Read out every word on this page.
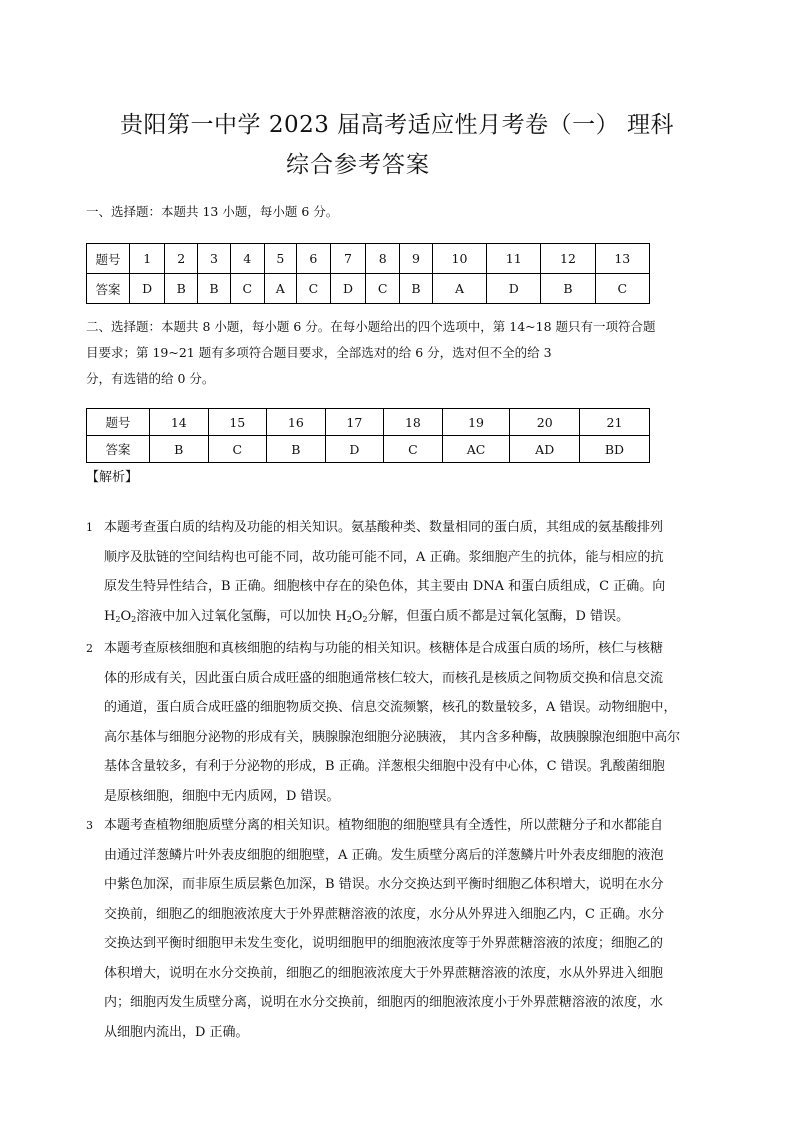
贵阳第一中学 2023 届高考适应性月考卷（一） 理科
综合参考答案
一、选择题：本题共 13 小题，每小题 6 分。
题号	1	2	3	4	5	6	7	8	9	10	11	12	13
答案	D	B	B	C	A	C	D	C	B	A	D	B	C
二、选择题：本题共 8 小题，每小题 6 分。在每小题给出的四个选项中，第 14~18 题只有一项符合题
目要求；第 19~21 题有多项符合题目要求，全部选对的给 6 分，选对但不全的给 3
分，有选错的给 0 分。
题号	14	15	16	17	18	19	20	21
答案	B	C	B	D	C	AC	AD	BD
【解析】
1 本题考查蛋白质的结构及功能的相关知识。氨基酸种类、数量相同的蛋白质，其组成的氨基酸排列
顺序及肽链的空间结构也可能不同，故功能可能不同，A 正确。浆细胞产生的抗体，能与相应的抗
原发生特异性结合，B 正确。细胞核中存在的染色体，其主要由 DNA 和蛋白质组成，C 正确。向
$H_2O_2$溶液中加入过氧化氢酶，可以加快 $H_2O_2$分解，但蛋白质不都是过氧化氢酶，D 错误。
2 本题考查原核细胞和真核细胞的结构与功能的相关知识。核糖体是合成蛋白质的场所，核仁与核糖
体的形成有关，因此蛋白质合成旺盛的细胞通常核仁较大，而核孔是核质之间物质交换和信息交流
的通道，蛋白质合成旺盛的细胞物质交换、信息交流频繁，核孔的数量较多，A 错误。动物细胞中，
高尔基体与细胞分泌物的形成有关，胰腺腺泡细胞分泌胰液， 其内含多种酶，故胰腺腺泡细胞中高尔
基体含量较多，有利于分泌物的形成，B 正确。洋葱根尖细胞中没有中心体，C 错误。乳酸菌细胞
是原核细胞，细胞中无内质网，D 错误。
3 本题考查植物细胞质壁分离的相关知识。植物细胞的细胞壁具有全透性，所以蔗糖分子和水都能自
由通过洋葱鳞片叶外表皮细胞的细胞壁，A 正确。发生质壁分离后的洋葱鳞片叶外表皮细胞的液泡
中紫色加深，而非原生质层紫色加深，B 错误。水分交换达到平衡时细胞乙体积增大，说明在水分
交换前，细胞乙的细胞液浓度大于外界蔗糖溶液的浓度，水分从外界进入细胞乙内，C 正确。水分
交换达到平衡时细胞甲未发生变化，说明细胞甲的细胞液浓度等于外界蔗糖溶液的浓度；细胞乙的
体积增大，说明在水分交换前，细胞乙的细胞液浓度大于外界蔗糖溶液的浓度，水从外界进入细胞
内；细胞丙发生质壁分离，说明在水分交换前，细胞丙的细胞液浓度小于外界蔗糖溶液的浓度，水
从细胞内流出，D 正确。
